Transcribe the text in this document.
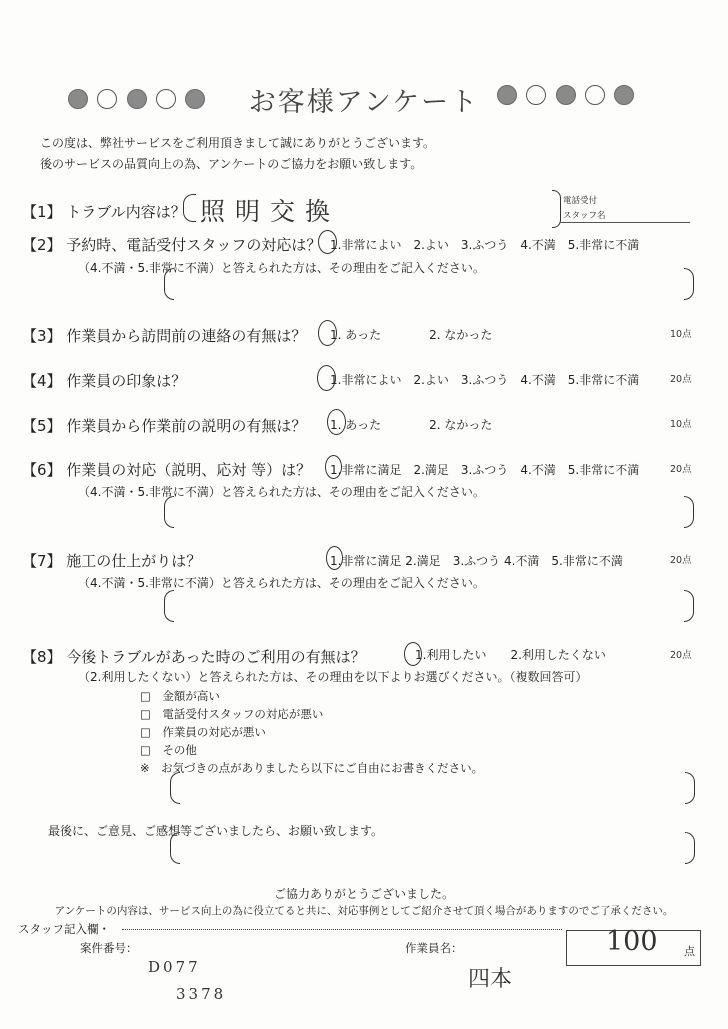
お客様アンケート
この度は、弊社サービスをご利用頂きまして誠にありがとうございます。
後のサービスの品質向上の為、アンケートのご協力をお願い致します。
【1】 トラブル内容は？ 照明交換	電話受付
スタッフ名
【2】 予約時、電話受付スタッフの対応は？ 1.非常によい　2.よい　3.ふつう　4.不満　5.非常に不満
（4.不満・5.非常に不満）と答えられた方は、その理由をご記入ください。
【3】 作業員から訪問前の連絡の有無は？ 1. あった　　　　2. なかった	10点
【4】 作業員の印象は？	1.非常によい　2.よい　3.ふつう　4.不満　5.非常に不満	20点
【5】 作業員から作業前の説明の有無は？ 1. あった　　　　2. なかった	10点
【6】 作業員の対応（説明、応対 等）は？ 1.非常に満足　2.満足　3.ふつう　4.不満　5.非常に不満	20点
（4.不満・5.非常に不満）と答えられた方は、その理由をご記入ください。
【7】 施工の仕上がりは？	1.非常に満足 2.満足　3.ふつう 4.不満　5.非常に不満	20点
（4.不満・5.非常に不満）と答えられた方は、その理由をご記入ください。
【8】 今後トラブルがあった時のご利用の有無は？	1.利用したい　　2.利用したくない	20点
（2.利用したくない）と答えられた方は、その理由を以下よりお選びください。（複数回答可）
□　金額が高い
□　電話受付スタッフの対応が悪い
□　作業員の対応が悪い
□　その他
※　お気づきの点がありましたら以下にご自由にお書きください。
最後に、ご意見、ご感想等ございましたら、お願い致します。
ご協力ありがとうございました。
アンケートの内容は、サービス向上の為に役立てると共に、対応事例としてご紹介させて頂く場合がありますのでご了承ください。
スタッフ記入欄・
案件番号：
D077
3378
作業員名：
四本
100 点
